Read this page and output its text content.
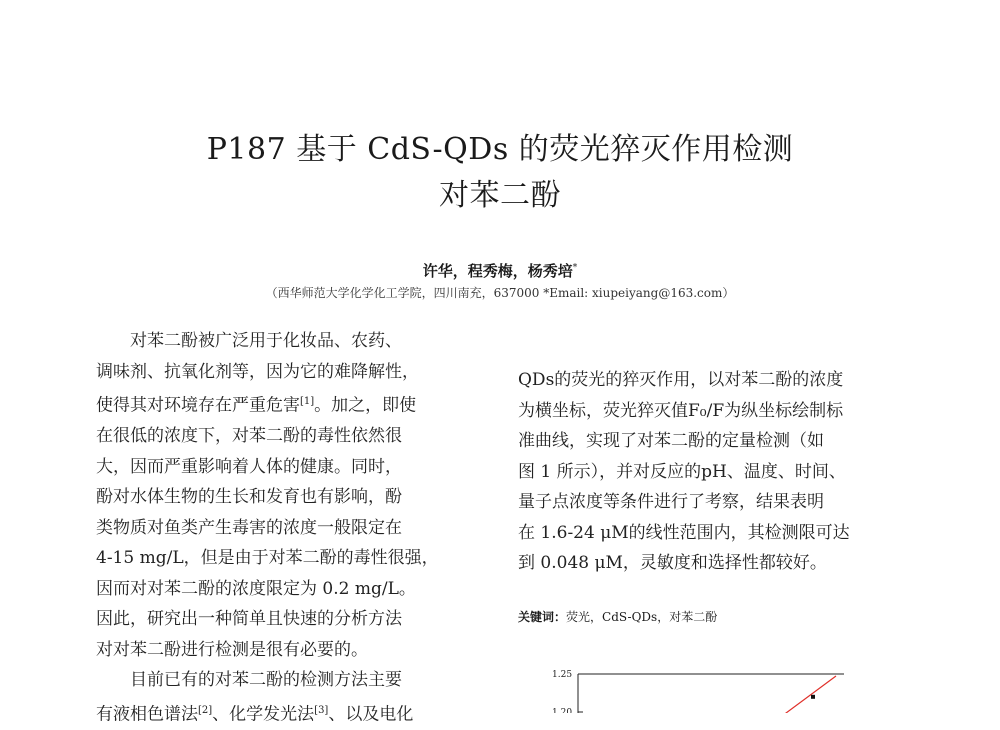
P187 基于 CdS-QDs 的荧光猝灭作用检测
对苯二酚
许华，程秀梅，杨秀培*
（西华师范大学化学化工学院，四川南充，637000 *Email: xiupeiyang@163.com）

对苯二酚被广泛用于化妆品、农药、

调味剂、抗氧化剂等，因为它的难降解性，

使得其对环境存在严重危害[1]。加之，即使

在很低的浓度下，对苯二酚的毒性依然很

大，因而严重影响着人体的健康。同时，

酚对水体生物的生长和发育也有影响，酚

类物质对鱼类产生毒害的浓度一般限定在

4-15 mg/L，但是由于对苯二酚的毒性很强，

因而对对苯二酚的浓度限定为 0.2 mg/L。

因此，研究出一种简单且快速的分析方法

对对苯二酚进行检测是很有必要的。

目前已有的对苯二酚的检测方法主要

有液相色谱法[2]、化学发光法[3]、以及电化

QDs的荧光的猝灭作用，以对苯二酚的浓度

为横坐标，荧光猝灭值F₀/F为纵坐标绘制标

准曲线，实现了对苯二酚的定量检测（如

图 1 所示），并对反应的pH、温度、时间、

量子点浓度等条件进行了考察，结果表明

在 1.6-24 μM的线性范围内，其检测限可达

到 0.048 μM，灵敏度和选择性都较好。

关键词：荧光，CdS-QDs，对苯二酚
1.25
1.20
